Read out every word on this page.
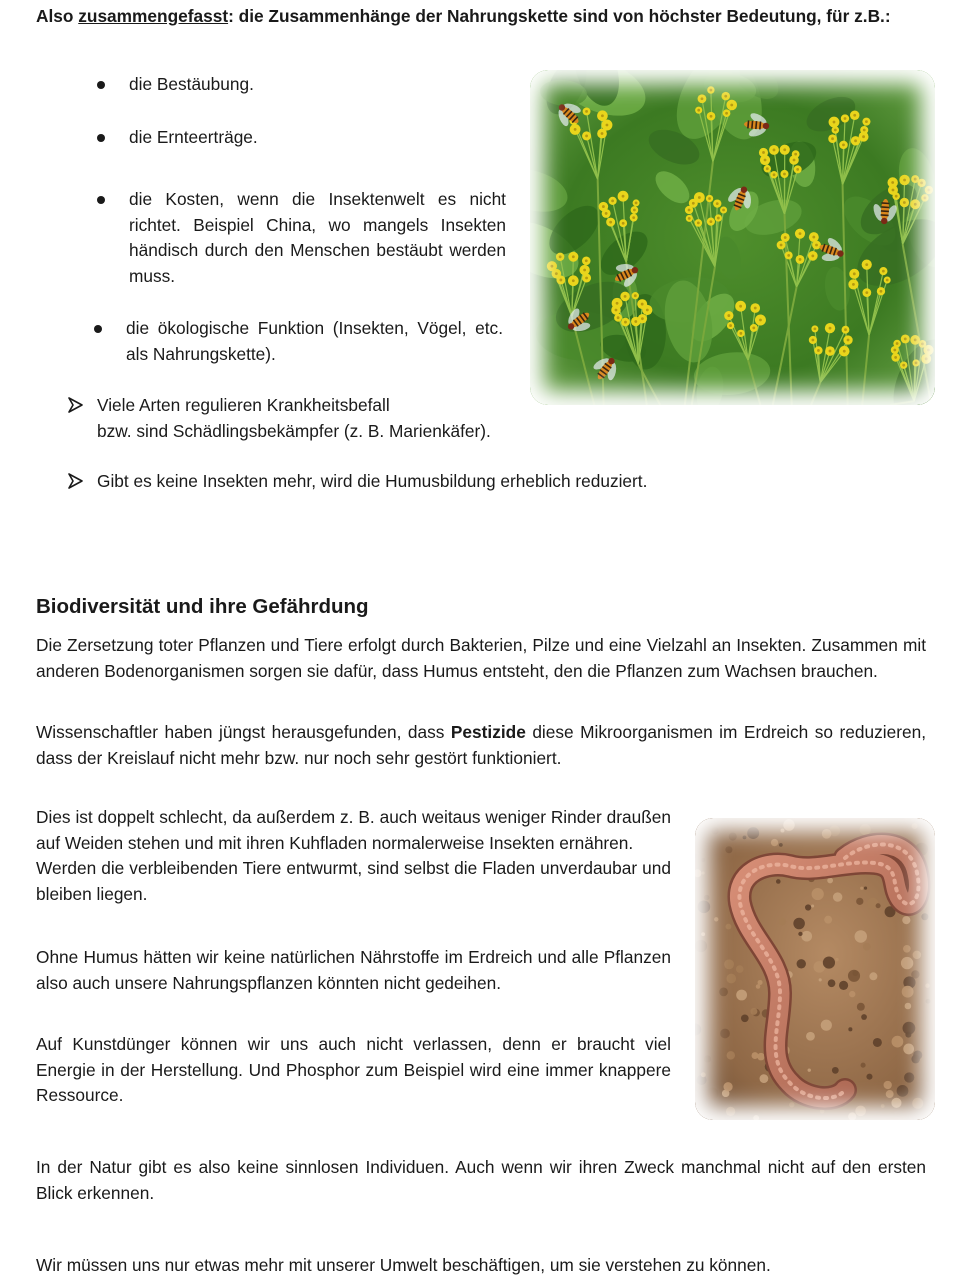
Also zusammengefasst: die Zusammenhänge der Nahrungskette sind von höchster Bedeutung, für z.B.:
die Bestäubung.
die Ernteerträge.
die Kosten, wenn die Insektenwelt es nicht richtet. Beispiel China, wo mangels Insekten händisch durch den Menschen bestäubt werden muss.
die ökologische Funktion (Insekten, Vögel, etc. als Nahrungskette).
Viele Arten regulieren Krankheitsbefall
bzw. sind Schädlingsbekämpfer (z. B. Marienkäfer).
Gibt es keine Insekten mehr, wird die Humusbildung erheblich reduziert.
Biodiversität und ihre Gefährdung

Die Zersetzung toter Pflanzen und Tiere erfolgt durch Bakterien, Pilze und eine Vielzahl an Insekten. Zusammen mit anderen Bodenorganismen sorgen sie dafür, dass Humus entsteht, den die Pflanzen zum Wachsen brauchen.

Wissenschaftler haben jüngst herausgefunden, dass Pestizide diese Mikroorganismen im Erdreich so reduzieren, dass der Kreislauf nicht mehr bzw. nur noch sehr gestört funktioniert.

Dies ist doppelt schlecht, da außerdem z. B. auch weitaus weniger Rinder draußen auf Weiden stehen und mit ihren Kuhfladen normalerweise Insekten ernähren.
Werden die verbleibenden Tiere entwurmt, sind selbst die Fladen unverdaubar und bleiben liegen.
Ohne Humus hätten wir keine natürlichen Nährstoffe im Erdreich und alle Pflanzen also auch unsere Nahrungspflanzen könnten nicht gedeihen.
Auf Kunstdünger können wir uns auch nicht verlassen, denn er braucht viel Energie in der Herstellung. Und Phosphor zum Beispiel wird eine immer knappere Ressource.

In der Natur gibt es also keine sinnlosen Individuen. Auch wenn wir ihren Zweck manchmal nicht auf den ersten Blick erkennen.

Wir müssen uns nur etwas mehr mit unserer Umwelt beschäftigen, um sie verstehen zu können.
